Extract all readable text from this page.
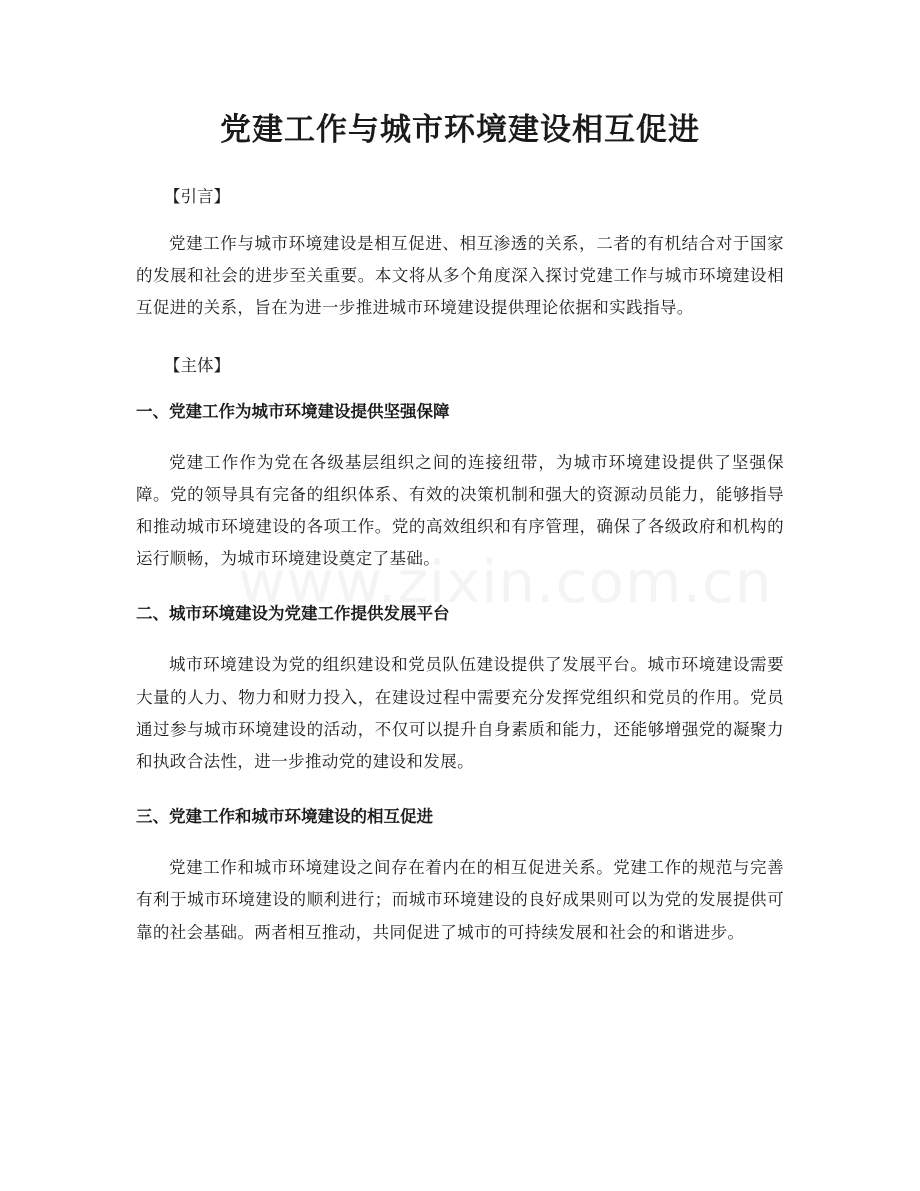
党建工作与城市环境建设相互促进
【引言】

党建工作与城市环境建设是相互促进、相互渗透的关系，二者的有机结合对于国家的发展和社会的进步至关重要。本文将从多个角度深入探讨党建工作与城市环境建设相互促进的关系，旨在为进一步推进城市环境建设提供理论依据和实践指导。

【主体】
一、党建工作为城市环境建设提供坚强保障

党建工作作为党在各级基层组织之间的连接纽带，为城市环境建设提供了坚强保障。党的领导具有完备的组织体系、有效的决策机制和强大的资源动员能力，能够指导和推动城市环境建设的各项工作。党的高效组织和有序管理，确保了各级政府和机构的运行顺畅，为城市环境建设奠定了基础。

二、城市环境建设为党建工作提供发展平台

城市环境建设为党的组织建设和党员队伍建设提供了发展平台。城市环境建设需要大量的人力、物力和财力投入，在建设过程中需要充分发挥党组织和党员的作用。党员通过参与城市环境建设的活动，不仅可以提升自身素质和能力，还能够增强党的凝聚力和执政合法性，进一步推动党的建设和发展。

三、党建工作和城市环境建设的相互促进

党建工作和城市环境建设之间存在着内在的相互促进关系。党建工作的规范与完善有利于城市环境建设的顺利进行；而城市环境建设的良好成果则可以为党的发展提供可靠的社会基础。两者相互推动，共同促进了城市的可持续发展和社会的和谐进步。
